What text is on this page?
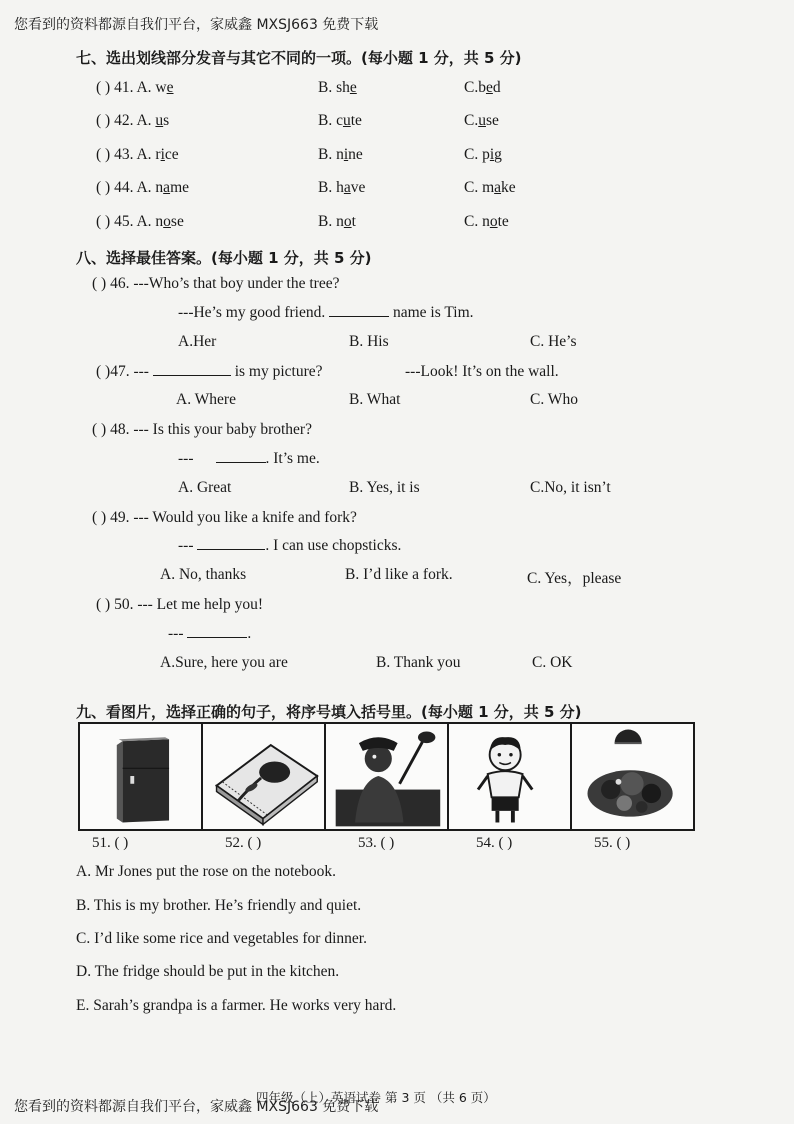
您看到的资料都源自我们平台，家威鑫 MXSJ663 免费下载
七、选出划线部分发音与其它不同的一项。(每小题 1 分，共 5 分)
( ) 41. A. we	B. she	C.bed
( ) 42. A. us	B. cute	C.use
( ) 43. A. rice	B. nine	C. pig
( ) 44. A. name	B. have	C. make
( ) 45. A. nose	B. not	C. note
八、选择最佳答案。(每小题 1 分，共 5 分)
( ) 46. ---Who’s that boy under the tree?
---He’s my good friend.	name is Tim.
A.Her	B. His	C. He’s
( )47. ---	is my picture?	---Look! It’s on the wall.
A. Where	B. What	C. Who
( ) 48. --- Is this your baby brother?
---	. It’s me.
A. Great	B. Yes, it is	C.No, it isn’t
( ) 49. --- Would you like a knife and fork?
---	. I can use chopsticks.
A. No, thanks	B. I’d like a fork.	C. Yes，please
( ) 50. --- Let me help you!
---	.
A.Sure, here you are	B. Thank you	C. OK
九、看图片，选择正确的句子，将序号填入括号里。(每小题 1 分，共 5 分)
51. ( )	52. ( )	53. ( )	54. ( )	55. ( )
A. Mr Jones put the rose on the notebook.
B. This is my brother. He’s friendly and quiet.
C. I’d like some rice and vegetables for dinner.
D. The fridge should be put in the kitchen.
E. Sarah’s grandpa is a farmer. He works very hard.
四年级（上）英语试卷 第 3 页 （共 6 页）
您看到的资料都源自我们平台，家威鑫 MXSJ663 免费下载
